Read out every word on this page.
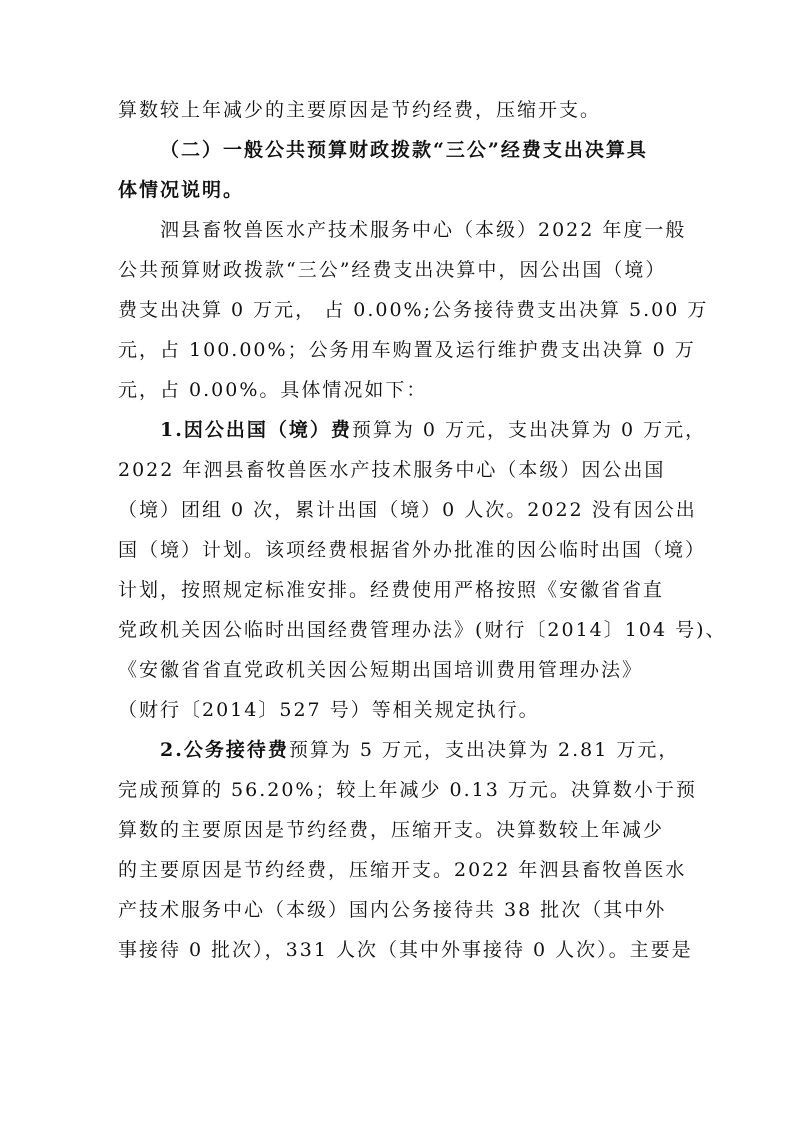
算数较上年减少的主要原因是节约经费，压缩开支。
（二）一般公共预算财政拨款“三公”经费支出决算具
体情况说明。
泗县畜牧兽医水产技术服务中心（本级）2022 年度一般
公共预算财政拨款“三公”经费支出决算中，因公出国（境）
费支出决算 0 万元， 占 0.00%;公务接待费支出决算 5.00 万
元，占 100.00%；公务用车购置及运行维护费支出决算 0 万
元，占 0.00%。具体情况如下：
1.因公出国（境）费预算为 0 万元，支出决算为 0 万元，
2022 年泗县畜牧兽医水产技术服务中心（本级）因公出国
（境）团组 0 次，累计出国（境）0 人次。2022 没有因公出
国（境）计划。该项经费根据省外办批准的因公临时出国（境）
计划，按照规定标准安排。经费使用严格按照《安徽省省直
党政机关因公临时出国经费管理办法》(财行〔2014〕104 号)、
《安徽省省直党政机关因公短期出国培训费用管理办法》
（财行〔2014〕527 号）等相关规定执行。
2.公务接待费预算为 5 万元，支出决算为 2.81 万元，
完成预算的 56.20%；较上年减少 0.13 万元。决算数小于预
算数的主要原因是节约经费，压缩开支。决算数较上年减少
的主要原因是节约经费，压缩开支。2022 年泗县畜牧兽医水
产技术服务中心（本级）国内公务接待共 38 批次（其中外
事接待 0 批次），331 人次（其中外事接待 0 人次）。主要是
